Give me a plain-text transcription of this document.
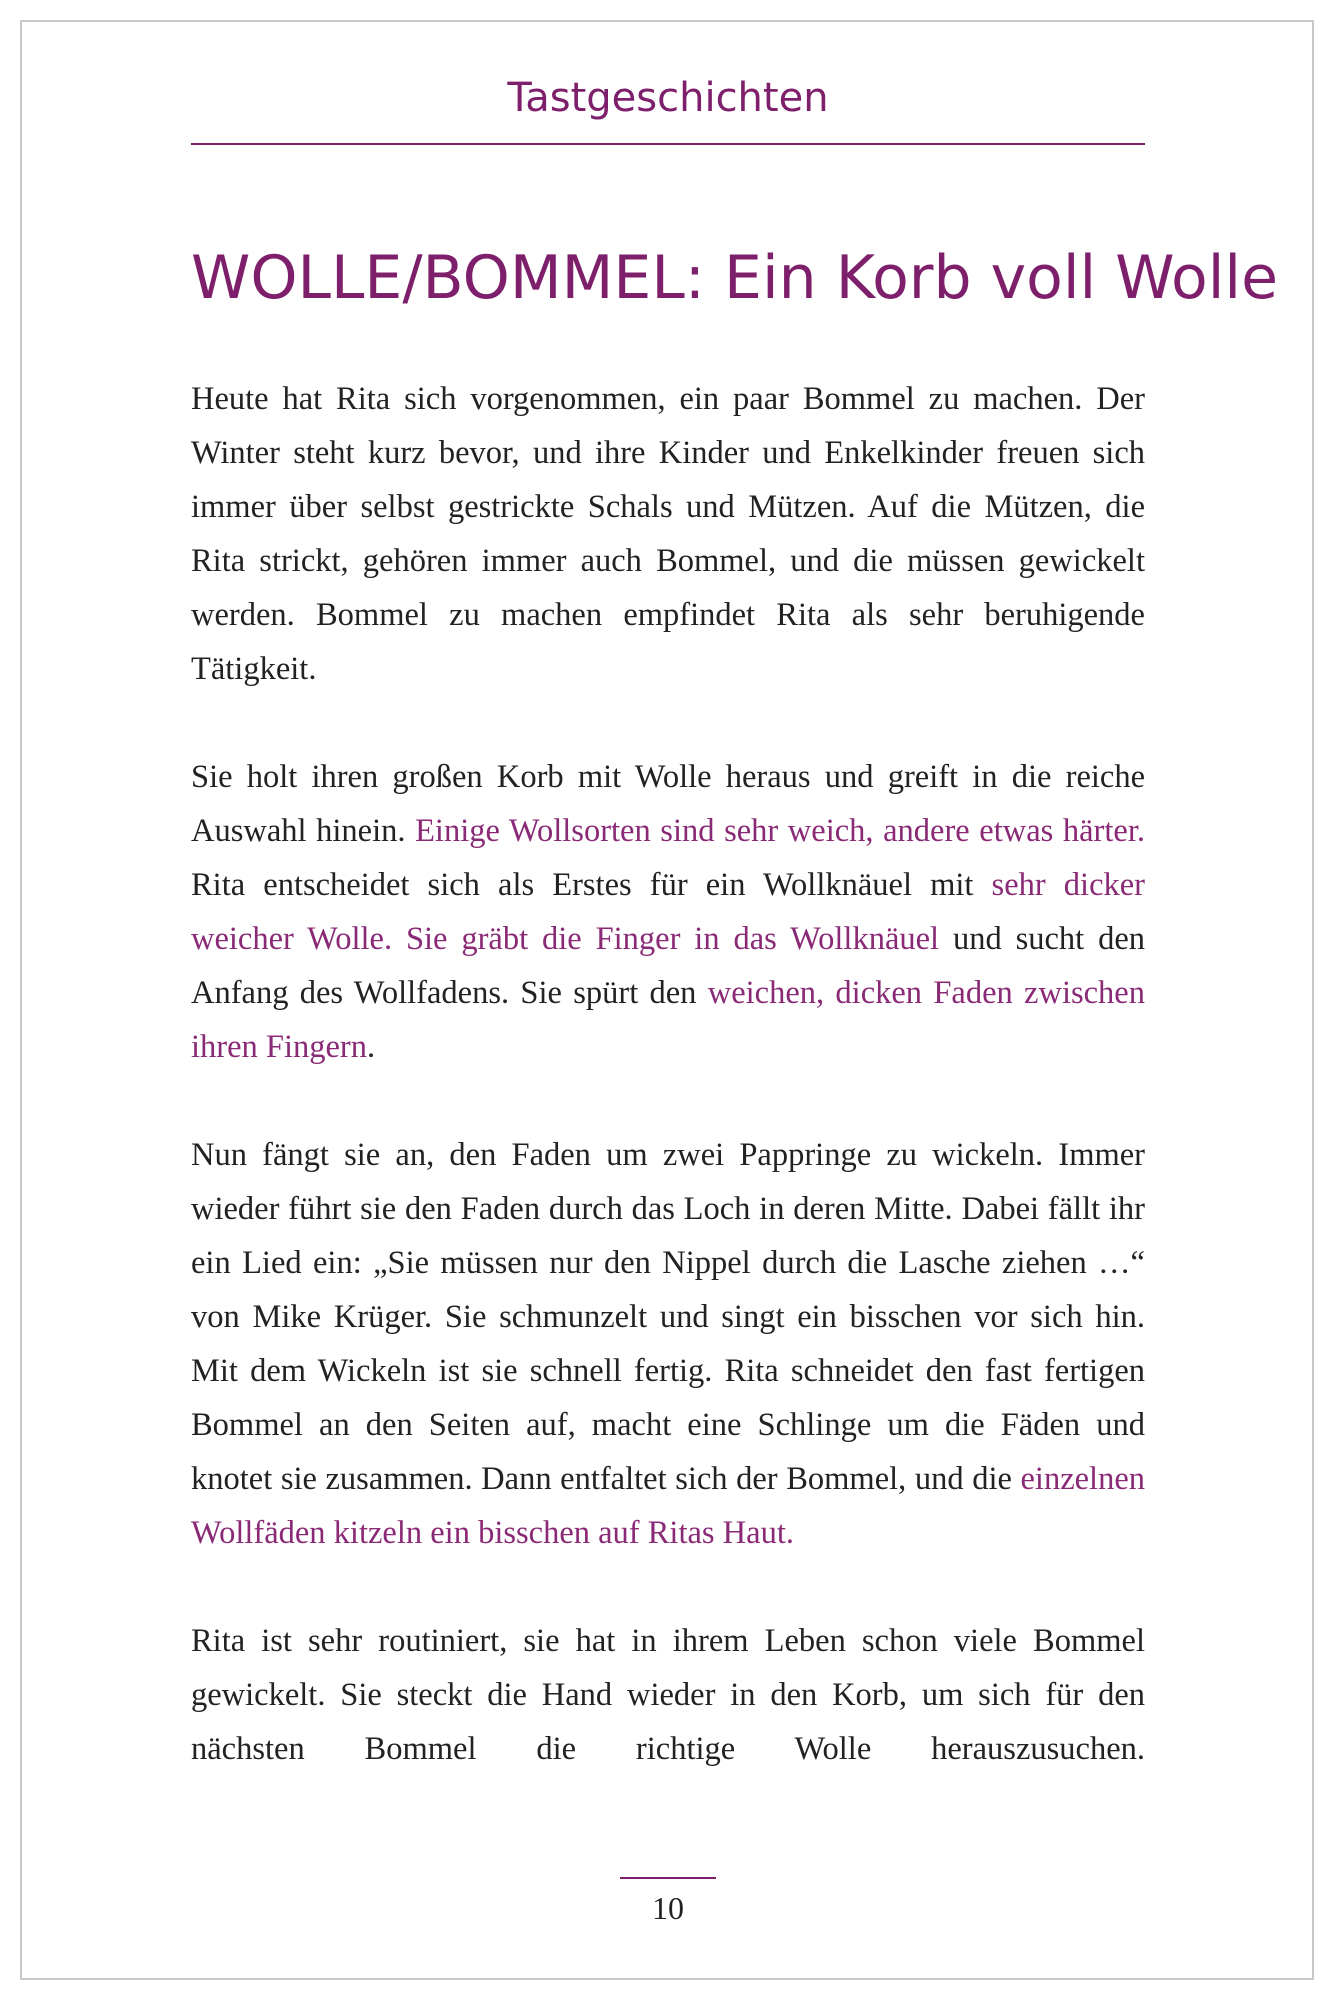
Tastgeschichten
WOLLE/BOMMEL: Ein Korb voll Wolle

Heute hat Rita sich vorgenommen, ein paar Bommel zu machen. Der Winter steht kurz bevor, und ihre Kinder und Enkelkinder freuen sich immer über selbst gestrickte Schals und Mützen. Auf die Mützen, die Rita strickt, gehören immer auch Bommel, und die müssen gewickelt werden. Bommel zu machen empfindet Rita als sehr beruhigende Tätigkeit.

Sie holt ihren großen Korb mit Wolle heraus und greift in die reiche Auswahl hinein. Einige Wollsorten sind sehr weich, andere etwas härter. Rita entscheidet sich als Erstes für ein Wollknäuel mit sehr dicker weicher Wolle. Sie gräbt die Finger in das Wollknäuel und sucht den Anfang des Wollfadens. Sie spürt den weichen, dicken Faden zwischen ihren Fingern.

Nun fängt sie an, den Faden um zwei Pappringe zu wickeln. Immer wieder führt sie den Faden durch das Loch in deren Mitte. Dabei fällt ihr ein Lied ein: „Sie müssen nur den Nippel durch die Lasche ziehen …“ von Mike Krüger. Sie schmunzelt und singt ein bisschen vor sich hin. Mit dem Wickeln ist sie schnell fertig. Rita schneidet den fast fertigen Bommel an den Seiten auf, macht eine Schlinge um die Fäden und knotet sie zusammen. Dann entfaltet sich der Bommel, und die einzelnen Wollfäden kitzeln ein bisschen auf Ritas Haut.

Rita ist sehr routiniert, sie hat in ihrem Leben schon viele Bommel gewickelt. Sie steckt die Hand wieder in den Korb, um sich für den nächsten Bommel die richtige Wolle herauszusuchen.

10
